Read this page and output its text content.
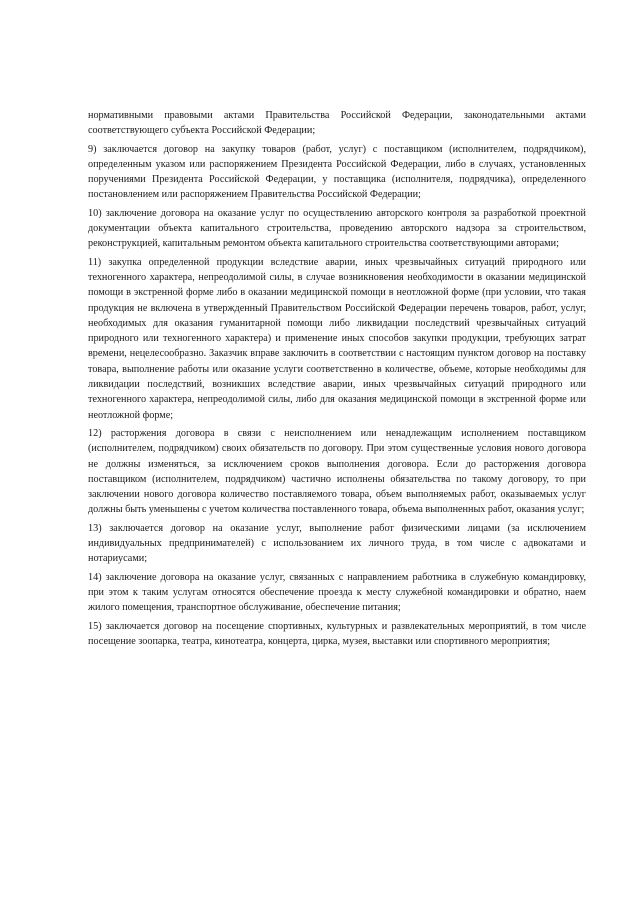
нормативными правовыми актами Правительства Российской Федерации, законодательными актами соответствующего субъекта Российской Федерации;

9) заключается договор на закупку товаров (работ, услуг) с поставщиком (исполнителем, подрядчиком), определенным указом или распоряжением Президента Российской Федерации, либо в случаях, установленных поручениями Президента Российской Федерации, у поставщика (исполнителя, подрядчика), определенного постановлением или распоряжением Правительства Российской Федерации;

10) заключение договора на оказание услуг по осуществлению авторского контроля за разработкой проектной документации объекта капитального строительства, проведению авторского надзора за строительством, реконструкцией, капитальным ремонтом объекта капитального строительства соответствующими авторами;

11) закупка определенной продукции вследствие аварии, иных чрезвычайных ситуаций природного или техногенного характера, непреодолимой силы, в случае возникновения необходимости в оказании медицинской помощи в экстренной форме либо в оказании медицинской помощи в неотложной форме (при условии, что такая продукция не включена в утвержденный Правительством Российской Федерации перечень товаров, работ, услуг, необходимых для оказания гуманитарной помощи либо ликвидации последствий чрезвычайных ситуаций природного или техногенного характера) и применение иных способов закупки продукции, требующих затрат времени, нецелесообразно. Заказчик вправе заключить в соответствии с настоящим пунктом договор на поставку товара, выполнение работы или оказание услуги соответственно в количестве, объеме, которые необходимы для ликвидации последствий, возникших вследствие аварии, иных чрезвычайных ситуаций природного или техногенного характера, непреодолимой силы, либо для оказания медицинской помощи в экстренной форме или неотложной форме;

12) расторжения договора в связи с неисполнением или ненадлежащим исполнением поставщиком (исполнителем, подрядчиком) своих обязательств по договору. При этом существенные условия нового договора не должны изменяться, за исключением сроков выполнения договора. Если до расторжения договора поставщиком (исполнителем, подрядчиком) частично исполнены обязательства по такому договору, то при заключении нового договора количество поставляемого товара, объем выполняемых работ, оказываемых услуг должны быть уменьшены с учетом количества поставленного товара, объема выполненных работ, оказания услуг;

13) заключается договор на оказание услуг, выполнение работ физическими лицами (за исключением индивидуальных предпринимателей) с использованием их личного труда, в том числе с адвокатами и нотариусами;

14) заключение договора на оказание услуг, связанных с направлением работника в служебную командировку, при этом к таким услугам относятся обеспечение проезда к месту служебной командировки и обратно, наем жилого помещения, транспортное обслуживание, обеспечение питания;

15) заключается договор на посещение спортивных, культурных и развлекательных мероприятий, в том числе посещение зоопарка, театра, кинотеатра, концерта, цирка, музея, выставки или спортивного мероприятия;
